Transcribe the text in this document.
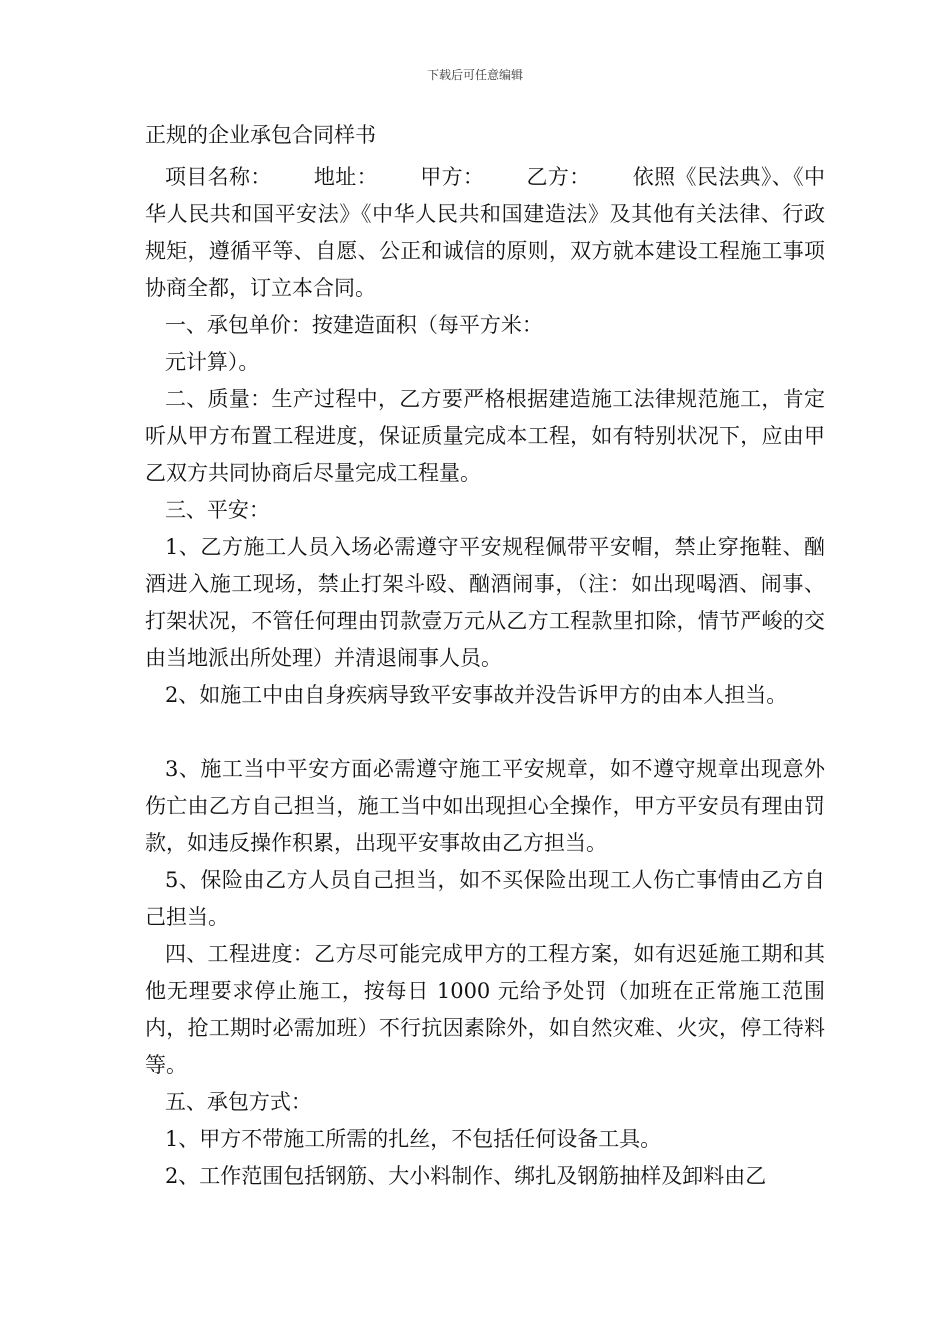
下载后可任意编辑
正规的企业承包合同样书

项目名称：      地址：      甲方：      乙方：      依照《民法典》、《中华人民共和国平安法》《中华人民共和国建造法》及其他有关法律、行政规矩，遵循平等、自愿、公正和诚信的原则，双方就本建设工程施工事项协商全都，订立本合同。

一、承包单价：按建造面积（每平方米：

元计算）。

二、质量：生产过程中，乙方要严格根据建造施工法律规范施工，肯定听从甲方布置工程进度，保证质量完成本工程，如有特别状况下，应由甲乙双方共同协商后尽量完成工程量。

三、平安：

1、乙方施工人员入场必需遵守平安规程佩带平安帽，禁止穿拖鞋、酗酒进入施工现场，禁止打架斗殴、酗酒闹事，（注：如出现喝酒、闹事、打架状况，不管任何理由罚款壹万元从乙方工程款里扣除，情节严峻的交由当地派出所处理）并清退闹事人员。

2、如施工中由自身疾病导致平安事故并没告诉甲方的由本人担当。

3、施工当中平安方面必需遵守施工平安规章，如不遵守规章出现意外伤亡由乙方自己担当，施工当中如出现担心全操作，甲方平安员有理由罚款，如违反操作积累，出现平安事故由乙方担当。

5、保险由乙方人员自己担当，如不买保险出现工人伤亡事情由乙方自己担当。

四、工程进度：乙方尽可能完成甲方的工程方案，如有迟延施工期和其他无理要求停止施工，按每日 1000 元给予处罚（加班在正常施工范围内，抢工期时必需加班）不行抗因素除外，如自然灾难、火灾，停工待料等。

五、承包方式：

1、甲方不带施工所需的扎丝，不包括任何设备工具。

2、工作范围包括钢筋、大小料制作、绑扎及钢筋抽样及卸料由乙
